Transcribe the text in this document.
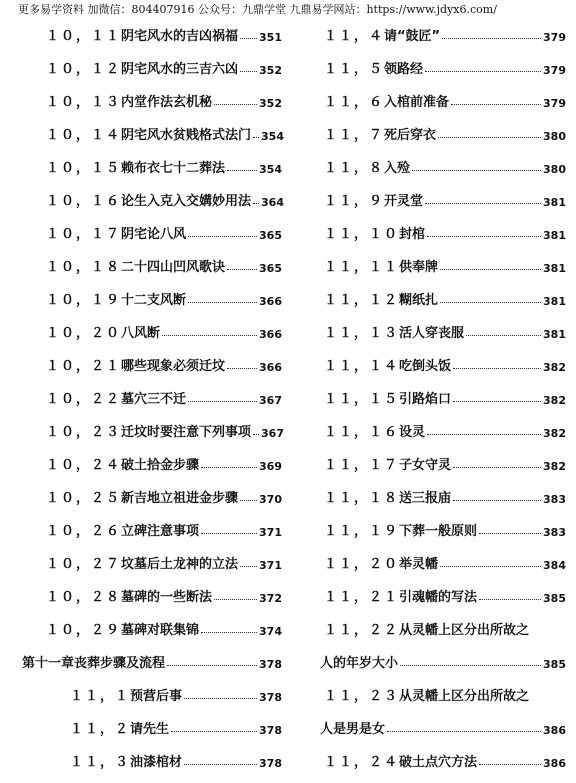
更多易学资料 加微信：804407916 公众号：九鼎学堂 九鼎易学网站：https://www.jdyx6.com/
１０，１１ 阴宅风水的吉凶祸福 351
１０，１２ 阴宅风水的三吉六凶 352
１０，１３ 内堂作法玄机秘	352
１０，１４ 阴宅风水贫贱格式法门 354
１０，１５ 赖布衣七十二葬法	354
１０，１６ 论生入克入交媾妙用法 364
１０，１７ 阴宅论八风	365
１０，１８ 二十四山凹风歌诀	365
１０，１９ 十二支风断	366
１０，２０ 八风断	366
１０，２１ 哪些现象必须迁坟	366
１０，２２ 墓穴三不迁	367
１０，２３ 迁坟时要注意下列事项 367
１０，２４ 破土拾金步骤	369
１０，２５ 新吉地立祖进金步骤 370
１０，２６ 立碑注意事项	371
１０，２７ 坟墓后土龙神的立法 371
１０，２８ 墓碑的一些断法	372
１０，２９ 墓碑对联集锦	374
第十一章丧葬步骤及流程	378
１１，１ 预营后事	378
１１，２ 请先生	378
１１，３ 油漆棺材	378
１１，４ 请“鼓匠”	379
１１，５ 领路经	379
１１，６ 入棺前准备	379
１１，７ 死后穿衣	380
１１，８ 入殓	380
１１，９ 开灵堂	381
１１，１０ 封棺	381
１１，１１ 供奉牌	381
１１，１２ 糊纸扎	381
１１，１３ 活人穿丧服	381
１１，１４ 吃倒头饭	382
１１，１５ 引路焰口	382
１１，１６ 设灵	382
１１，１７ 子女守灵	382
１１，１８ 送三报庙	383
１１，１９ 下葬一般原则	383
１１，２０ 举灵幡	384
１１，２１ 引魂幡的写法	385
１１，２２ 从灵幡上区分出所故之
人的年岁大小	385
１１，２３ 从灵幡上区分出所故之
人是男是女	386
１１，２４ 破土点穴方法	386
